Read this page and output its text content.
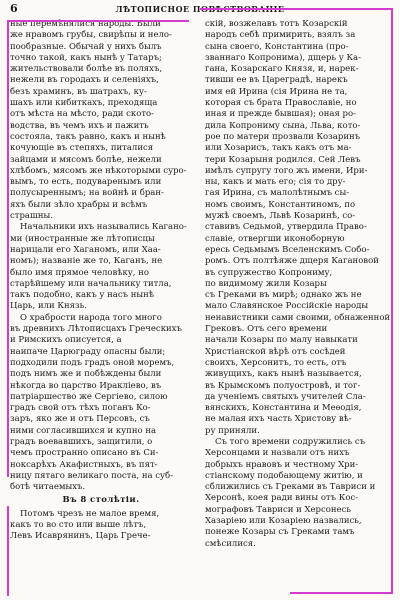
6	ЛѢТОПИСНОЕ ПОВѢСТВОВАНІЕ
ные перемѣнялися народы. Были
же нравомъ грубы, свирѣпы и нело-
пообразные. Обычай у нихъ былъ
точно такой, какъ нынѣ у Татаръ;
жительствовали болѣе въ поляхъ,
нежели въ городахъ и селеніяхъ,
безъ храминъ, въ шатрахъ, ку-
шахъ или кибиткахъ, преходяща
отъ мѣста на мѣсто, ради ското-
водства, въ чемъ ихъ и пажить
состояла, такъ равно, какъ и нынѣ
кочующіе въ степяхъ, питалися
зайцами и мясомъ болѣе, нежели
хлѣбомъ, мясомъ же нѣкоторыми суро-
вымъ, то есть, подуваренымъ или
полусыреннымъ; на войнѣ и бран-
яхъ были зѣло храбры и всѣмъ
страшны.
Начальники ихъ назывались Кагано-
ми (иностранные же лѣтописцы
нарицали его Хаганомъ, или Хаа-
номъ); названіе же то, Каганъ, не
было имя прямое человѣку, но
старѣйшему или начальнику титла,
такъ подобно, какъ у насъ нынѣ
Царь, или Князь.
О храбрости народа того много
въ древнихъ Лѣтописцахъ Греческихъ
и Римскихъ описуется, а
наипаче Царюграду опасны были;
подходили подъ градъ оной моремъ,
подъ нимъ же и побѣждены были
нѣкогда во царство Иракліево, въ
патріаршество же Сергіево, силою
градъ свой отъ тѣхъ поганъ Ко-
заръ, яко же и отъ Персовъ, съ
ними согласившихся и купно на
градъ воевавшихъ, защитили, о
чемъ пространно описано въ Си-
ноксарѣхъ Акафистныхъ, въ пят-
ницу пятаго великаго поста, на суб-
ботѣ читаемыхъ.
Въ 8 столѣтіи.
Потомъ чрезъ не малое время,
какъ то во сто или выше лѣтъ,
Левъ Исаврянинъ, Царь Грече-
скій, возжелавъ тотъ Козарскій
народъ себѣ примирить, взялъ за
сына своего, Константина (про-
званнаго Копронима), дщерь у Ка-
гана, Козарскаго Князя, и, нарек-
тивши ее въ Цареградѣ, нарекъ
имя ей Ирина (сія Ирина не та,
которая съ брата Православіе, но
иная и прежде бывшая); оная ро-
дила Копрониму сына, Льва, кото-
рое по матери прозвали Козаринъ
или Хозарисъ, такъ какъ отъ ма-
тери Козарыня родился. Сей Левъ
имѣлъ супругу того жъ имени, Ири-
ны, какъ и мать его; сія то дру-
гая Ирина, съ малолѣтнымъ сы-
номъ своимъ, Константиномъ, по
мужѣ своемъ, Львѣ Козаринѣ, со-
ставивъ Седьмой, утвердила Право-
славіе, отвергши иконоборную
ересь Седьмымъ Вселенскимъ Собо-
ромъ. Отъ полтѣяже дщеря Кагановой
въ супружество Копрониму,
по видимому жили Козары
съ Греками въ мирѣ; однако жъ не
мало Славянское Россійскіе народы
ненавистники сами своими, обнаженной
Грековъ. Отъ сего времени
начали Козары по малу навыкати
Христіанской вѣрѣ отъ сосѣдей
своихъ, Херсонитъ, то есть, отъ
живущихъ, какъ нынѣ называется,
въ Крымскомъ полуостровѣ, и тог-
да ученіемъ святыхъ учителей Сла-
вянскихъ, Константина и Меѳодія,
не малая ихъ часть Христову вѣ-
ру приняли.
Съ того времени содружились съ
Херсонцами и назвали отъ нихъ
добрыхъ нравовъ и честному Хри-
стіанскому подобающему житію, и
сближились съ Греками въ Тавриси и
Херсонѣ, коея ради вины отъ Кос-
мографовъ Тавриси и Херсонесь
Хазаріею или Козаріею назвались,
понеже Козары съ Греками тамъ
смѣсилися.
